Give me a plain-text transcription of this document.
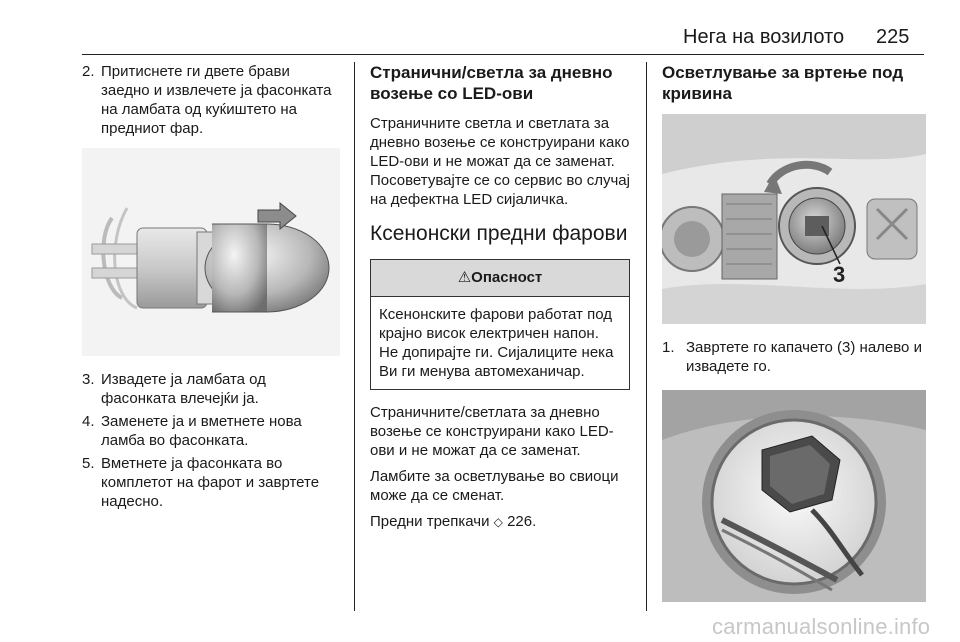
Нега на возилото 225

2. Притиснете ги двете брави заедно и извлечете ја фасонката на ламбата од куќиштето на предниот фар.

3. Извадете ја ламбата од фасонката влечејќи ја.

4. Заменете ја и вметнете нова ламба во фасонката.

5. Вметнете ја фасонката во комплетот на фарот и завртете надесно.

Странични/светла за дневно возење со LED-ови

Страничните светла и светлата за дневно возење се конструирани како LED-ови и не можат да се заменат. Посоветувајте се со сервис во случај на дефектна LED сијаличка.

Ксенонски предни фарови

⚠Опасност
Ксенонските фарови работат под крајно висок електричен напон. Не допирајте ги. Сијалиците нека Ви ги менува автомеханичар.

Страничните/светлата за дневно возење се конструирани како LED-ови и не можат да се заменат.

Ламбите за осветлување во свиоци може да се сменат.

Предни трепкачи ◇ 226.

Осветлување за вртење под кривина

3

1. Завртете го капачето (3) налево и извадете го.

carmanualsonline.info
